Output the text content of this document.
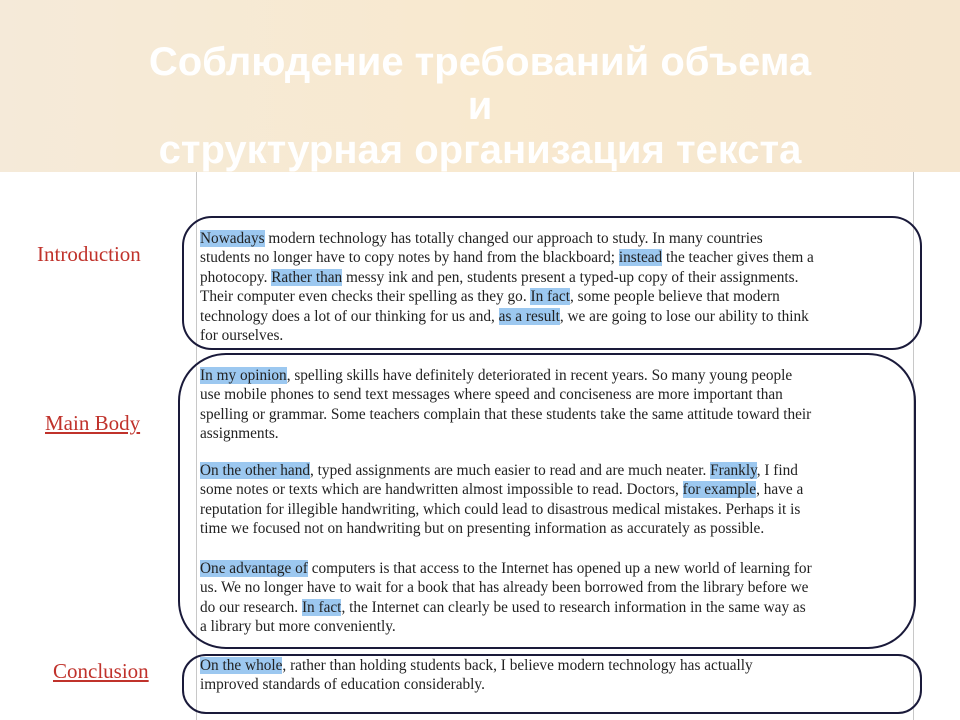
Соблюдение требований объема
и
структурная организация текста
Introduction
Main Body
Conclusion
Nowadays modern technology has totally changed our approach to study. In many countries
students no longer have to copy notes by hand from the blackboard; instead the teacher gives them a
photocopy. Rather than messy ink and pen, students present a typed-up copy of their assignments.
Their computer even checks their spelling as they go. In fact, some people believe that modern
technology does a lot of our thinking for us and, as a result, we are going to lose our ability to think
for ourselves.
In my opinion, spelling skills have definitely deteriorated in recent years. So many young people
use mobile phones to send text messages where speed and conciseness are more important than
spelling or grammar. Some teachers complain that these students take the same attitude toward their
assignments.
On the other hand, typed assignments are much easier to read and are much neater. Frankly, I find
some notes or texts which are handwritten almost impossible to read. Doctors, for example, have a
reputation for illegible handwriting, which could lead to disastrous medical mistakes. Perhaps it is
time we focused not on handwriting but on presenting information as accurately as possible.
One advantage of computers is that access to the Internet has opened up a new world of learning for
us. We no longer have to wait for a book that has already been borrowed from the library before we
do our research. In fact, the Internet can clearly be used to research information in the same way as
a library but more conveniently.
On the whole, rather than holding students back, I believe modern technology has actually
improved standards of education considerably.
